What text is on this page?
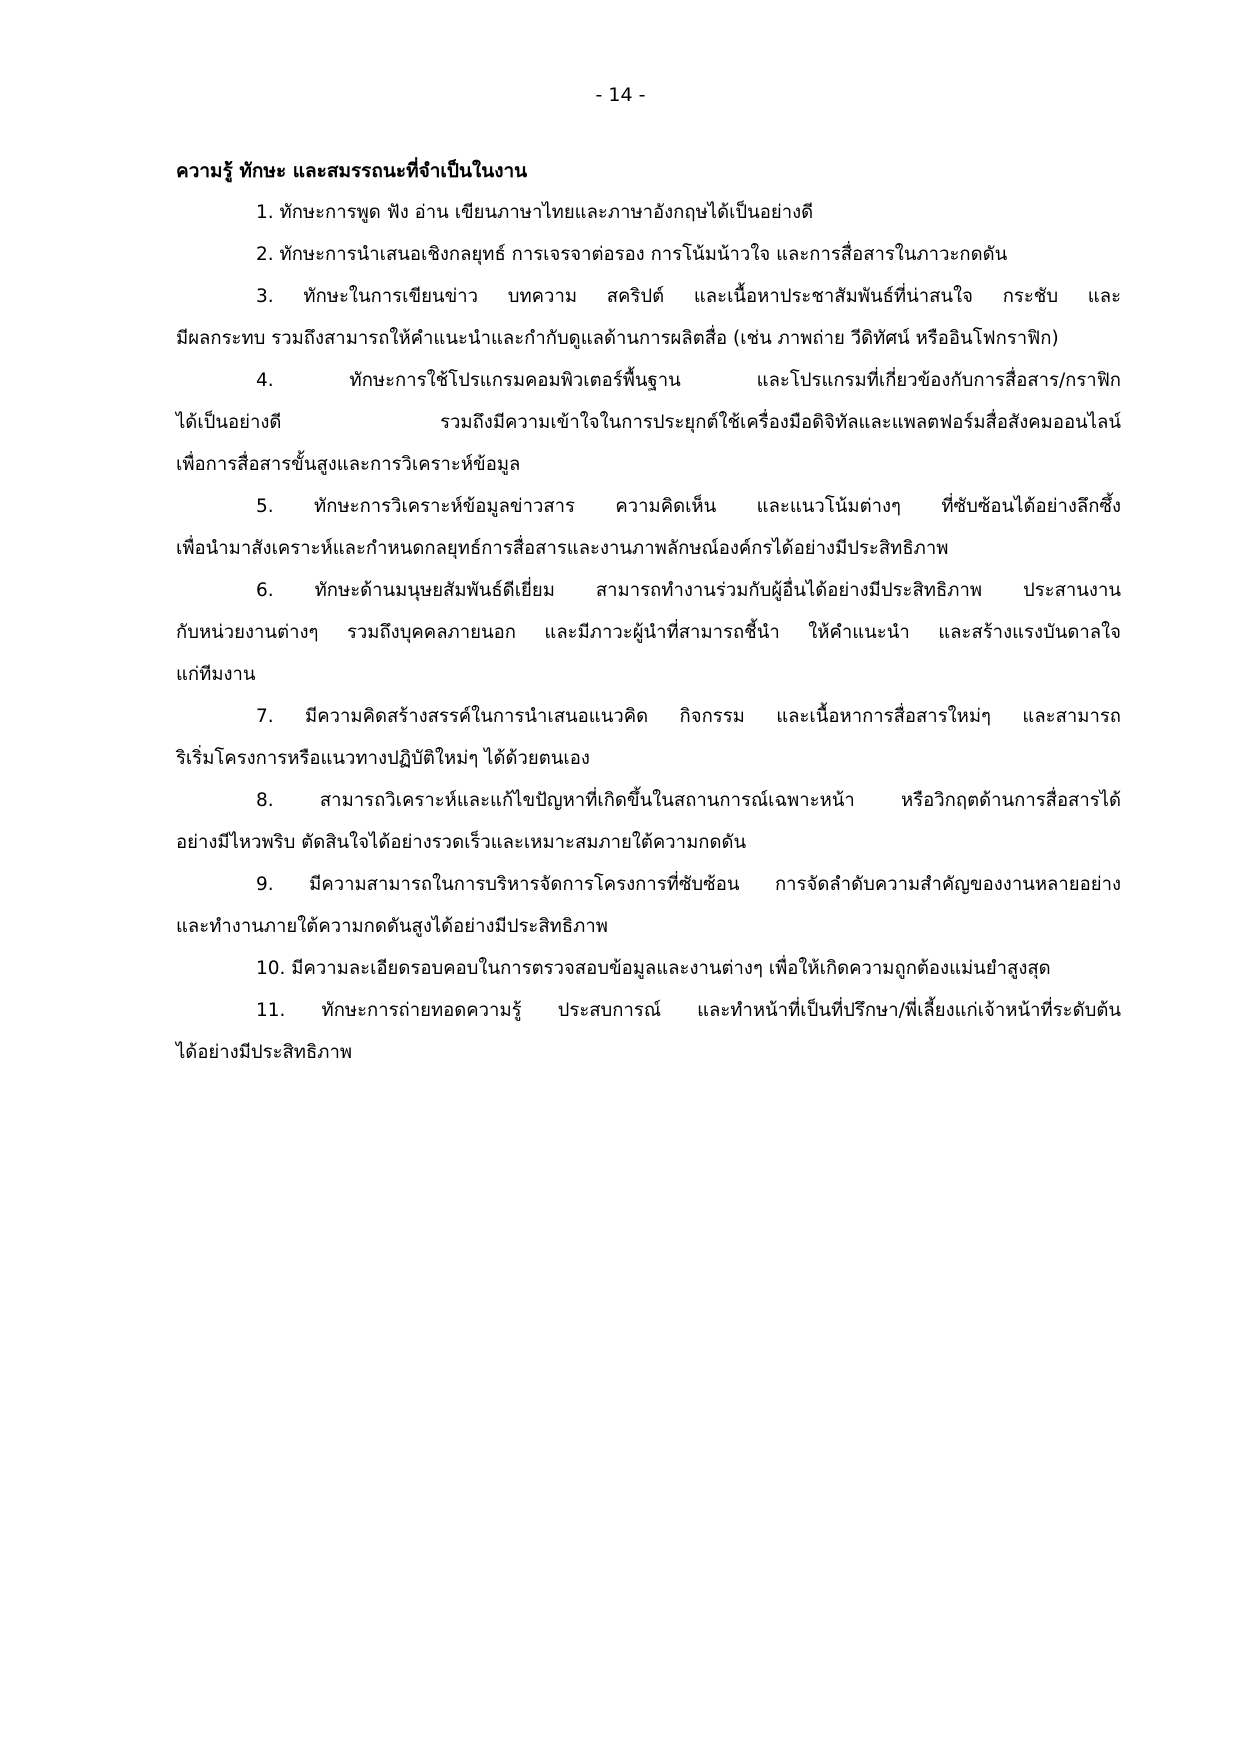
- 14 -

ความรู้ ทักษะ และสมรรถนะที่จำเป็นในงาน

1. ทักษะการพูด ฟัง อ่าน เขียนภาษาไทยและภาษาอังกฤษได้เป็นอย่างดี
2. ทักษะการนำเสนอเชิงกลยุทธ์ การเจรจาต่อรอง การโน้มน้าวใจ และการสื่อสารในภาวะกดดัน
3. ทักษะในการเขียนข่าว บทความ สคริปต์ และเนื้อหาประชาสัมพันธ์ที่น่าสนใจ กระชับ และ
มีผลกระทบ รวมถึงสามารถให้คำแนะนำและกำกับดูแลด้านการผลิตสื่อ (เช่น ภาพถ่าย วีดิทัศน์ หรืออินโฟกราฟิก)
4. ทักษะการใช้โปรแกรมคอมพิวเตอร์พื้นฐาน และโปรแกรมที่เกี่ยวข้องกับการสื่อสาร/กราฟิก
ได้เป็นอย่างดี รวมถึงมีความเข้าใจในการประยุกต์ใช้เครื่องมือดิจิทัลและแพลตฟอร์มสื่อสังคมออนไลน์
เพื่อการสื่อสารขั้นสูงและการวิเคราะห์ข้อมูล
5. ทักษะการวิเคราะห์ข้อมูลข่าวสาร ความคิดเห็น และแนวโน้มต่างๆ ที่ซับซ้อนได้อย่างลึกซึ้ง
เพื่อนำมาสังเคราะห์และกำหนดกลยุทธ์การสื่อสารและงานภาพลักษณ์องค์กรได้อย่างมีประสิทธิภาพ
6. ทักษะด้านมนุษยสัมพันธ์ดีเยี่ยม สามารถทำงานร่วมกับผู้อื่นได้อย่างมีประสิทธิภาพ ประสานงาน
กับหน่วยงานต่างๆ รวมถึงบุคคลภายนอก และมีภาวะผู้นำที่สามารถชี้นำ ให้คำแนะนำ และสร้างแรงบันดาลใจ
แก่ทีมงาน
7. มีความคิดสร้างสรรค์ในการนำเสนอแนวคิด กิจกรรม และเนื้อหาการสื่อสารใหม่ๆ และสามารถ
ริเริ่มโครงการหรือแนวทางปฏิบัติใหม่ๆ ได้ด้วยตนเอง
8. สามารถวิเคราะห์และแก้ไขปัญหาที่เกิดขึ้นในสถานการณ์เฉพาะหน้า หรือวิกฤตด้านการสื่อสารได้
อย่างมีไหวพริบ ตัดสินใจได้อย่างรวดเร็วและเหมาะสมภายใต้ความกดดัน
9. มีความสามารถในการบริหารจัดการโครงการที่ซับซ้อน การจัดลำดับความสำคัญของงานหลายอย่าง
และทำงานภายใต้ความกดดันสูงได้อย่างมีประสิทธิภาพ
10. มีความละเอียดรอบคอบในการตรวจสอบข้อมูลและงานต่างๆ เพื่อให้เกิดความถูกต้องแม่นยำสูงสุด
11. ทักษะการถ่ายทอดความรู้ ประสบการณ์ และทำหน้าที่เป็นที่ปรึกษา/พี่เลี้ยงแก่เจ้าหน้าที่ระดับต้น
ได้อย่างมีประสิทธิภาพ
